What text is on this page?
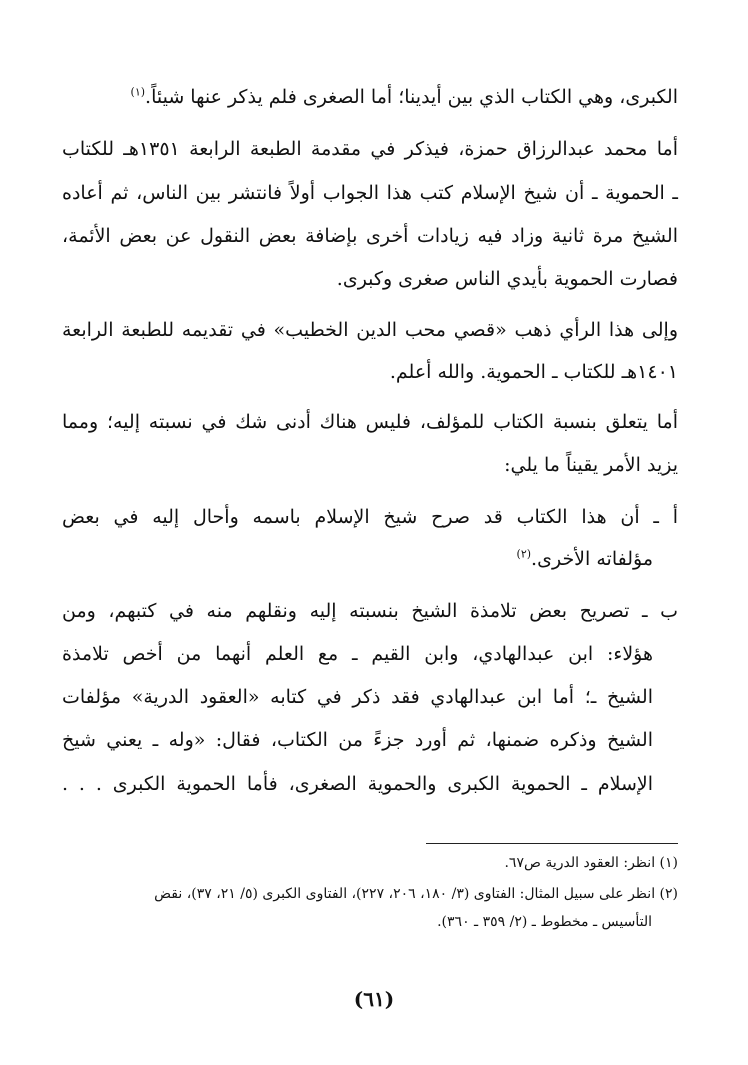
الكبرى، وهي الكتاب الذي بين أيدينا؛ أما الصغرى فلم يذكر عنها شيئاً.$^{(١)}$
أما محمد عبدالرزاق حمزة، فيذكر في مقدمة الطبعة الرابعة ١٣٥١هـ للكتاب
ـ الحموية ـ أن شيخ الإسلام كتب هذا الجواب أولاً فانتشر بين الناس، ثم أعاده
الشيخ مرة ثانية وزاد فيه زيادات أخرى بإضافة بعض النقول عن بعض الأئمة،
فصارت الحموية بأيدي الناس صغرى وكبرى.
وإلى هذا الرأي ذهب «قصي محب الدين الخطيب» في تقديمه للطبعة الرابعة
١٤٠١هـ للكتاب ـ الحموية. والله أعلم.
أما يتعلق بنسبة الكتاب للمؤلف، فليس هناك أدنى شك في نسبته إليه؛ ومما
يزيد الأمر يقيناً ما يلي:
أ ـ أن هذا الكتاب قد صرح شيخ الإسلام باسمه وأحال إليه في بعض
مؤلفاته الأخرى.$^{(٢)}$
ب ـ تصريح بعض تلامذة الشيخ بنسبته إليه ونقلهم منه في كتبهم، ومن
هؤلاء: ابن عبدالهادي، وابن القيم ـ مع العلم أنهما من أخص تلامذة
الشيخ ـ؛ أما ابن عبدالهادي فقد ذكر في كتابه «العقود الدرية» مؤلفات
الشيخ وذكره ضمنها، ثم أورد جزءً من الكتاب، فقال: «وله ـ يعني شيخ
الإسلام ـ الحموية الكبرى والحموية الصغرى، فأما الحموية الكبرى . . .
(١) انظر: العقود الدرية ص٦٧.
(٢) انظر على سبيل المثال: الفتاوى (٣/ ١٨٠، ٢٠٦، ٢٢٧)، الفتاوى الكبرى (٥/ ٢١، ٣٧)، نقض
التأسيس ـ مخطوط ـ (٢/ ٣٥٩ ـ ٣٦٠).
(٦١)
